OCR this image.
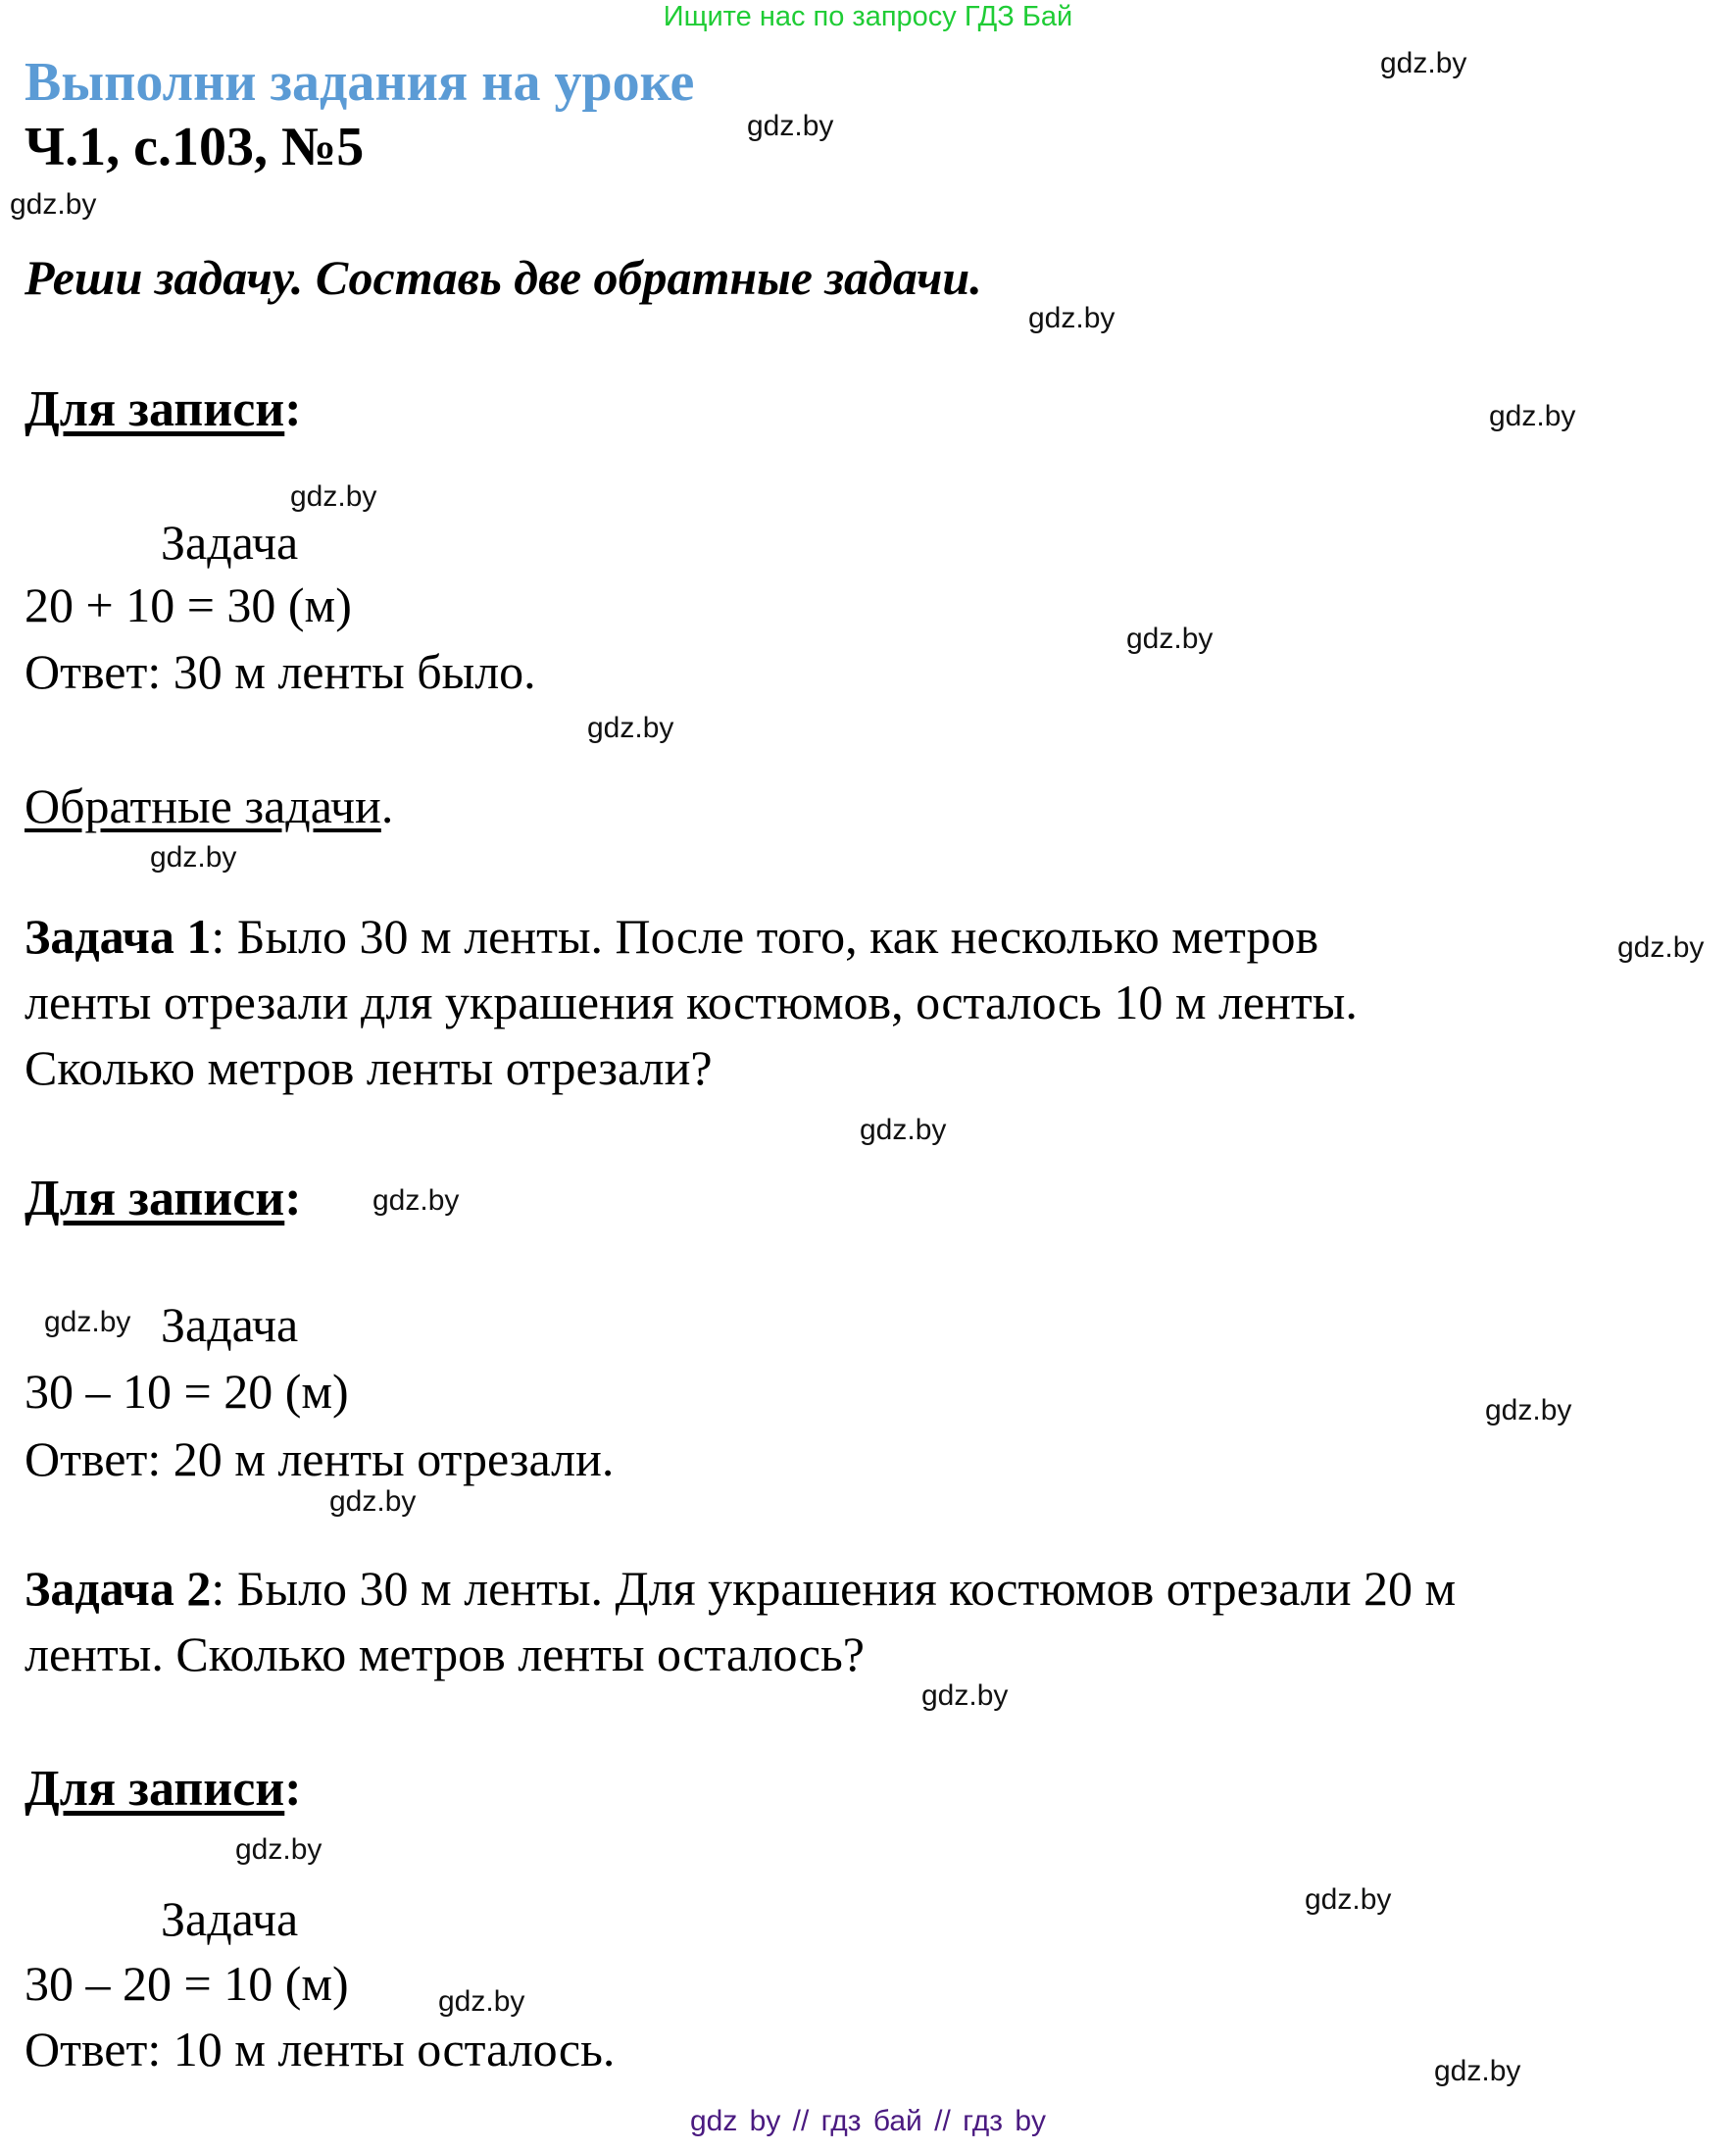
Ищите нас по запросу ГДЗ Бай
Выполни задания на уроке
Ч.1, с.103, №5
Реши задачу. Составь две обратные задачи.
Для записи:
Задача
20 + 10 = 30 (м)
Ответ: 30 м ленты было.
Обратные задачи.
Задача 1: Было 30 м ленты. После того, как несколько метров
ленты отрезали для украшения костюмов, осталось 10 м ленты.
Сколько метров ленты отрезали?
Для записи:
Задача
30 – 10 = 20 (м)
Ответ: 20 м ленты отрезали.
Задача 2: Было 30 м ленты. Для украшения костюмов отрезали 20 м
ленты. Сколько метров ленты осталось?
Для записи:
Задача
30 – 20 = 10 (м)
Ответ: 10 м ленты осталось.
gdz.by
gdz.by
gdz.by
gdz.by
gdz.by
gdz.by
gdz.by
gdz.by
gdz.by
gdz.by
gdz.by
gdz.by
gdz.by
gdz.by
gdz.by
gdz.by
gdz.by
gdz.by
gdz.by
gdz.by
gdz by // гдз бай // гдз by
